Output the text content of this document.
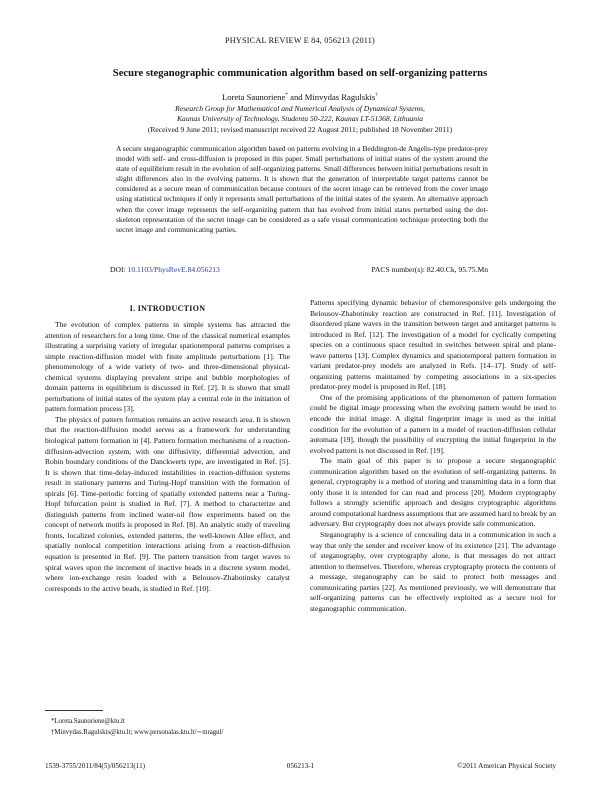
PHYSICAL REVIEW E 84, 056213 (2011)
Secure steganographic communication algorithm based on self-organizing patterns
Loreta Saunoriene* and Minvydas Ragulskis†
Research Group for Mathematical and Numerical Analysis of Dynamical Systems,
Kaunas University of Technology, Studentu 50-222, Kaunas LT-51368, Lithuania
(Received 9 June 2011; revised manuscript received 22 August 2011; published 18 November 2011)
A secure steganographic communication algorithm based on patterns evolving in a Beddington-de Angelis-type predator-prey model with self- and cross-diffusion is proposed in this paper. Small perturbations of initial states of the system around the state of equilibrium result in the evolution of self-organizing patterns. Small differences between initial perturbations result in slight differences also in the evolving patterns. It is shown that the generation of interpretable target patterns cannot be considered as a secure mean of communication because contours of the secret image can be retrieved from the cover image using statistical techniques if only it represents small perturbations of the initial states of the system. An alternative approach when the cover image represents the self-organizing pattern that has evolved from initial states perturbed using the dot-skeleton representation of the secret image can be considered as a safe visual communication technique protecting both the secret image and communicating parties.
DOI: 10.1103/PhysRevE.84.056213	PACS number(s): 82.40.Ck, 95.75.Mn
I. INTRODUCTION

The evolution of complex patterns in simple systems has attracted the attention of researchers for a long time. One of the classical numerical examples illustrating a surprising variety of irregular spatiotemporal patterns comprises a simple reaction-diffusion model with finite amplitude perturbations [1]. The phenomenology of a wide variety of two- and three-dimensional physical-chemical systems displaying prevalent stripe and bubble morphologies of domain patterns in equilibrium is discussed in Ref. [2]. It is shown that small perturbations of initial states of the system play a central role in the initiation of pattern formation process [3].

The physics of pattern formation remains an active research area. It is shown that the reaction-diffusion model serves as a framework for understanding biological pattern formation in [4]. Pattern formation mechanisms of a reaction-diffusion-advection system, with one diffusivity, differential advection, and Robin boundary conditions of the Danckwerts type, are investigated in Ref. [5]. It is shown that time-delay-induced instabilities in reaction-diffusion systems result in stationary patterns and Turing-Hopf transition with the formation of spirals [6]. Time-periodic forcing of spatially extended patterns near a Turing-Hopf bifurcation point is studied in Ref. [7]. A method to characterize and distinguish patterns from inclined water-oil flow experiments based on the concept of network motifs is proposed in Ref. [8]. An analytic study of traveling fronts, localized colonies, extended patterns, the well-known Allee effect, and spatially nonlocal competition interactions arising from a reaction-diffusion equation is presented in Ref. [9]. The pattern transition from target waves to spiral waves upon the increment of inactive beads in a discrete system model, where ion-exchange resin loaded with a Belousov-Zhabotinsky catalyst corresponds to the active beads, is studied in Ref. [10].

Patterns specifying dynamic behavior of chemoresponsive gels undergoing the Belousov-Zhabotinsky reaction are constructed in Ref. [11]. Investigation of disordered plane waves in the transition between target and antitarget patterns is introduced in Ref. [12]. The investigation of a model for cyclically competing species on a continuous space resulted in switches between spiral and plane-wave patterns [13]. Complex dynamics and spatiotemporal pattern formation in variant predator-prey models are analyzed in Refs. [14–17]. Study of self-organizing patterns maintained by competing associations in a six-species predator-prey model is proposed in Ref. [18].

One of the promising applications of the phenomenon of pattern formation could be digital image processing when the evolving pattern would be used to encode the initial image. A digital fingerprint image is used as the initial condition for the evolution of a pattern in a model of reaction-diffusion cellular automata [19], though the possibility of encrypting the initial fingerprint in the evolved pattern is not discussed in Ref. [19].

The main goal of this paper is to propose a secure steganographic communication algorithm based on the evolution of self-organizing patterns. In general, cryptography is a method of storing and transmitting data in a form that only those it is intended for can read and process [20]. Modern cryptography follows a strongly scientific approach and designs cryptographic algorithms around computational hardness assumptions that are assumed hard to break by an adversary. But cryptography does not always provide safe communication.

Steganography is a science of concealing data in a communication in such a way that only the sender and receiver know of its existence [21]. The advantage of steganography, over cryptography alone, is that messages do not attract attention to themselves. Therefore, whereas cryptography protects the contents of a message, steganography can be said to protect both messages and communicating parties [22]. As mentioned previously, we will demonstrate that self-organizing patterns can be effectively exploited as a secure tool for steganographic communication.

*Loreta.Saunoriene@ktu.lt
†Minvydas.Ragulskis@ktu.lt; www.personalas.ktu.lt/∼mragul/
1539-3755/2011/84(5)/056213(11)	056213-1	©2011 American Physical Society
